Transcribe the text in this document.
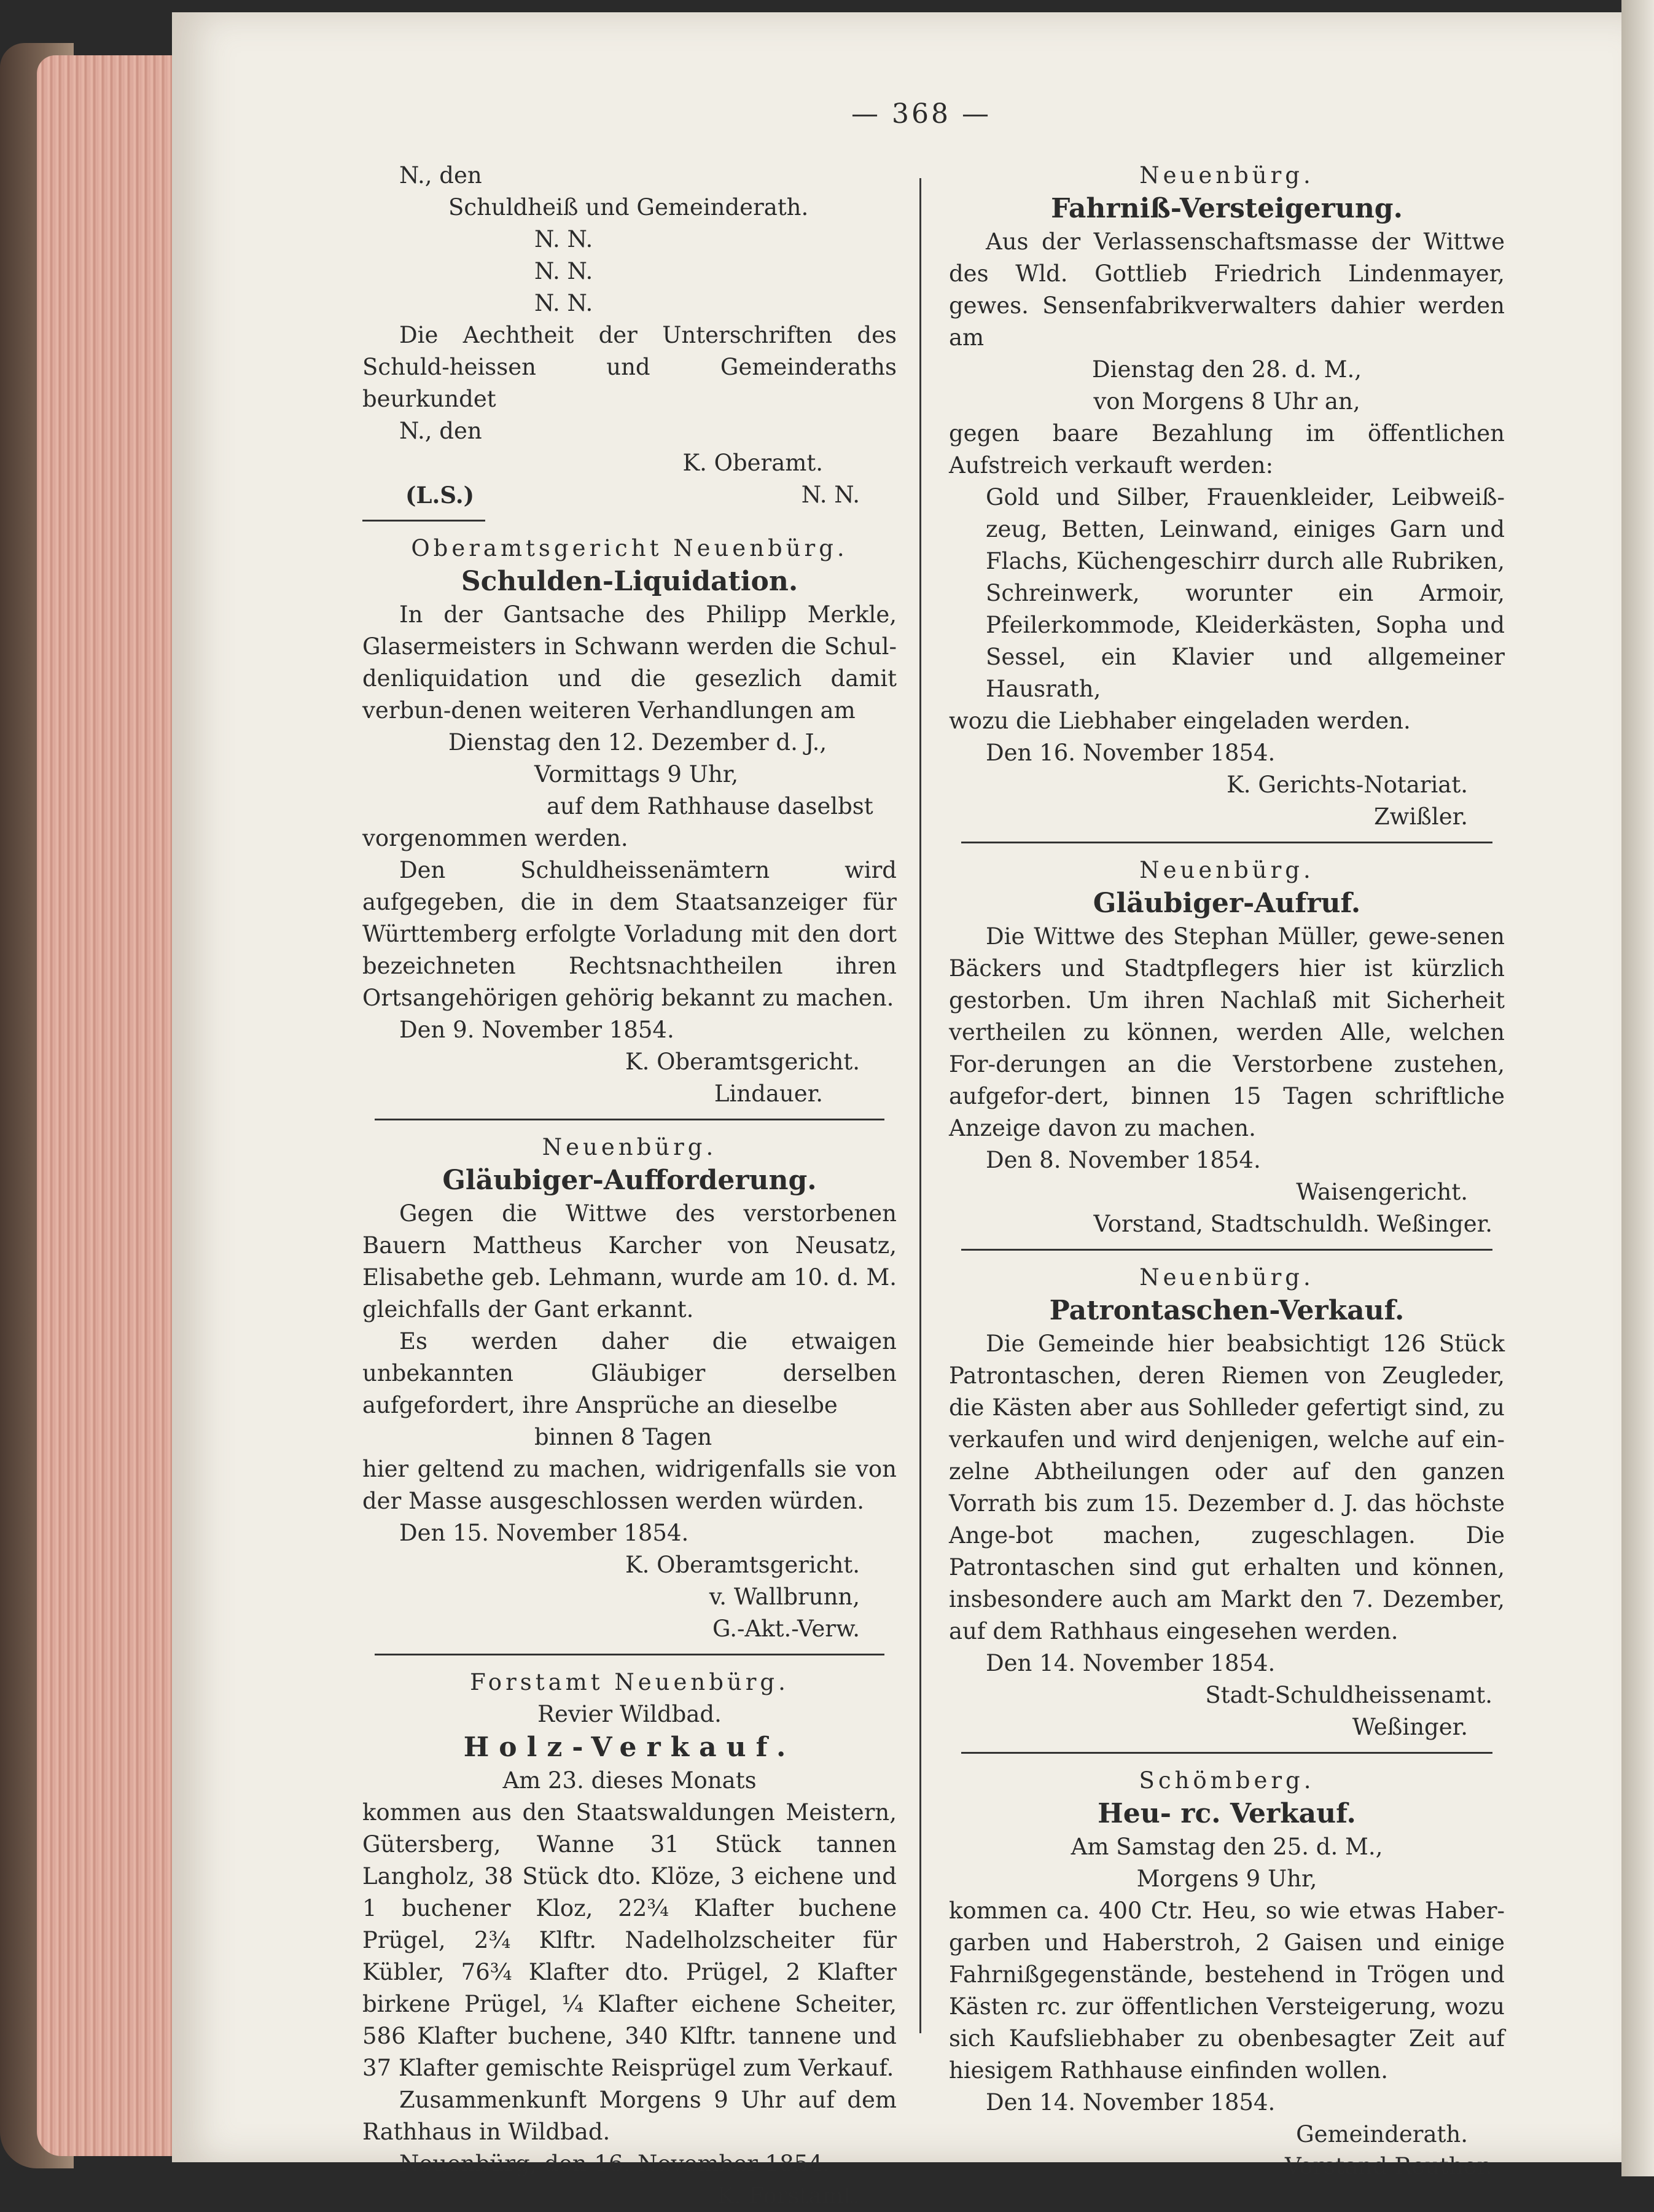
— 368 —
N., den
Schuldheiß und Gemeinderath.
N. N.
N. N.
N. N.
Die Aechtheit der Unterschriften des Schuld-heissen und Gemeinderaths beurkundet
N., den
K. Oberamt.
(L.S.)	N. N.
Oberamtsgericht Neuenbürg.
Schulden-Liquidation.
In der Gantsache des Philipp Merkle, Glasermeisters in Schwann werden die Schul-denliquidation und die gesezlich damit verbun-denen weiteren Verhandlungen am
Dienstag den 12. Dezember d. J.,
Vormittags 9 Uhr,
auf dem Rathhause daselbst
vorgenommen werden.
Den Schuldheissenämtern wird aufgegeben, die in dem Staatsanzeiger für Württemberg erfolgte Vorladung mit den dort bezeichneten Rechtsnachtheilen ihren Ortsangehörigen gehörig bekannt zu machen.
Den 9. November 1854.
K. Oberamtsgericht.
Lindauer.
Neuenbürg.
Gläubiger-Aufforderung.
Gegen die Wittwe des verstorbenen Bauern Mattheus Karcher von Neusatz, Elisabethe geb. Lehmann, wurde am 10. d. M. gleichfalls der Gant erkannt.
Es werden daher die etwaigen unbekannten Gläubiger derselben aufgefordert, ihre Ansprüche an dieselbe
binnen 8 Tagen
hier geltend zu machen, widrigenfalls sie von der Masse ausgeschlossen werden würden.
Den 15. November 1854.
K. Oberamtsgericht.
v. Wallbrunn,
G.-Akt.-Verw.
Forstamt Neuenbürg.
Revier Wildbad.
Holz-Verkauf.
Am 23. dieses Monats
kommen aus den Staatswaldungen Meistern, Gütersberg, Wanne 31 Stück tannen Langholz, 38 Stück dto. Klöze, 3 eichene und 1 buchener Kloz, 22¾ Klafter buchene Prügel, 2¾ Klftr. Nadelholzscheiter für Kübler, 76¾ Klafter dto. Prügel, 2 Klafter birkene Prügel, ¼ Klafter eichene Scheiter, 586 Klafter buchene, 340 Klftr. tannene und 37 Klafter gemischte Reisprügel zum Verkauf.
Zusammenkunft Morgens 9 Uhr auf dem Rathhaus in Wildbad.
Neuenbürg, den 16. November 1854.
K. Forstamt.
Neuenbürg.
Fahrniß-Versteigerung.
Aus der Verlassenschaftsmasse der Wittwe des Wld. Gottlieb Friedrich Lindenmayer, gewes. Sensenfabrikverwalters dahier werden am
Dienstag den 28. d. M.,
von Morgens 8 Uhr an,
gegen baare Bezahlung im öffentlichen Aufstreich verkauft werden:
Gold und Silber, Frauenkleider, Leibweiß-zeug, Betten, Leinwand, einiges Garn und Flachs, Küchengeschirr durch alle Rubriken, Schreinwerk, worunter ein Armoir, Pfeilerkommode, Kleiderkästen, Sopha und Sessel, ein Klavier und allgemeiner Hausrath,
wozu die Liebhaber eingeladen werden.
Den 16. November 1854.
K. Gerichts-Notariat.
Zwißler.
Neuenbürg.
Gläubiger-Aufruf.
Die Wittwe des Stephan Müller, gewe-senen Bäckers und Stadtpflegers hier ist kürzlich gestorben. Um ihren Nachlaß mit Sicherheit vertheilen zu können, werden Alle, welchen For-derungen an die Verstorbene zustehen, aufgefor-dert, binnen 15 Tagen schriftliche Anzeige davon zu machen.
Den 8. November 1854.
Waisengericht.
Vorstand, Stadtschuldh. Weßinger.
Neuenbürg.
Patrontaschen-Verkauf.
Die Gemeinde hier beabsichtigt 126 Stück Patrontaschen, deren Riemen von Zeugleder, die Kästen aber aus Sohlleder gefertigt sind, zu verkaufen und wird denjenigen, welche auf ein-zelne Abtheilungen oder auf den ganzen Vorrath bis zum 15. Dezember d. J. das höchste Ange-bot machen, zugeschlagen. Die Patrontaschen sind gut erhalten und können, insbesondere auch am Markt den 7. Dezember, auf dem Rathhaus eingesehen werden.
Den 14. November 1854.
Stadt-Schuldheissenamt.
Weßinger.
Schömberg.
Heu- rc. Verkauf.
Am Samstag den 25. d. M.,
Morgens 9 Uhr,
kommen ca. 400 Ctr. Heu, so wie etwas Haber-garben und Haberstroh, 2 Gaisen und einige Fahrnißgegenstände, bestehend in Trögen und Kästen rc. zur öffentlichen Versteigerung, wozu sich Kaufsliebhaber zu obenbesagter Zeit auf hiesigem Rathhause einfinden wollen.
Den 14. November 1854.
Gemeinderath.
Vorstand Reuther.
